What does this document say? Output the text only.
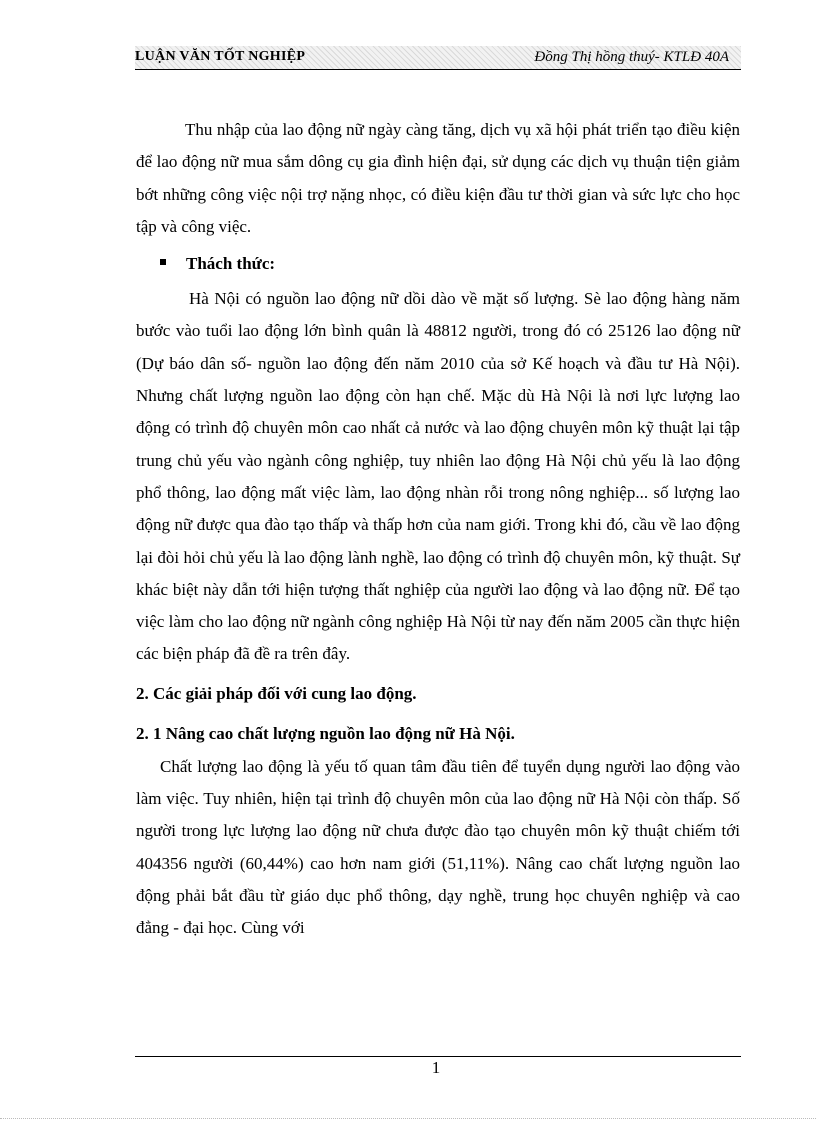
LUẬN VĂN TỐT NGHIỆP	Đồng Thị hồng thuý- KTLĐ 40A

Thu nhập của lao động nữ ngày càng tăng, dịch vụ xã hội phát triển tạo điều kiện để lao động nữ mua sắm dông cụ gia đình hiện đại, sử dụng các dịch vụ thuận tiện giảm bớt những công việc nội trợ nặng nhọc, có điều kiện đầu tư thời gian và sức lực cho học tập và công việc.

Thách thức:

Hà Nội có nguồn lao động nữ dồi dào về mặt số lượng. Sè lao động hàng năm bước vào tuổi lao động lớn bình quân là 48812 người, trong đó có 25126 lao động nữ (Dự báo dân số- nguồn lao động đến năm 2010 của sở Kế hoạch và đầu tư Hà Nội). Nhưng chất lượng nguồn lao động còn hạn chế. Mặc dù Hà Nội là nơi lực lượng lao động có trình độ chuyên môn cao nhất cả nước và lao động chuyên môn kỹ thuật lại tập trung chủ yếu vào ngành công nghiệp, tuy nhiên lao động Hà Nội chủ yếu là lao động phổ thông, lao động mất việc làm, lao động nhàn rỗi trong nông nghiệp... số lượng lao động nữ được qua đào tạo thấp và thấp hơn của nam giới. Trong khi đó, cầu về lao động lại đòi hỏi chủ yếu là lao động lành nghề, lao động có trình độ chuyên môn, kỹ thuật. Sự khác biệt này dẫn tới hiện tượng thất nghiệp của người lao động và lao động nữ. Để tạo việc làm cho lao động nữ ngành công nghiệp Hà Nội từ nay đến năm 2005 cần thực hiện các biện pháp đã đề ra trên đây.

2. Các giải pháp đối với cung lao động.
2. 1 Nâng cao chất lượng nguồn lao động nữ Hà Nội.

Chất lượng lao động là yếu tố quan tâm đầu tiên để tuyển dụng người lao động vào làm việc. Tuy nhiên, hiện tại trình độ chuyên môn của lao động nữ Hà Nội còn thấp. Số người trong lực lượng lao động nữ chưa được đào tạo chuyên môn kỹ thuật chiếm tới 404356 người (60,44%) cao hơn nam giới (51,11%). Nâng cao chất lượng nguồn lao động phải bắt đầu từ giáo dục phổ thông, dạy nghề, trung học chuyên nghiệp và cao đẳng - đại học. Cùng với

1
